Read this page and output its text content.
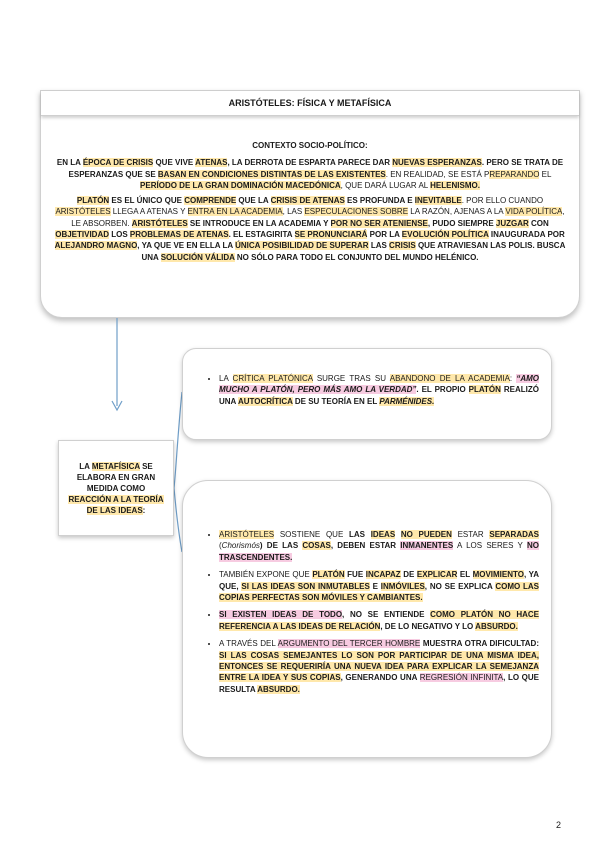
ARISTÓTELES: FÍSICA Y METAFÍSICA

CONTEXTO SOCIO-POLÍTICO:

EN LA ÉPOCA DE CRISIS QUE VIVE ATENAS, LA DERROTA DE ESPARTA PARECE DAR NUEVAS ESPERANZAS. PERO SE TRATA DE ESPERANZAS QUE SE BASAN EN CONDICIONES DISTINTAS DE LAS EXISTENTES. EN REALIDAD, SE ESTÁ PREPARANDO EL PERÍODO DE LA GRAN DOMINACIÓN MACEDÓNICA, QUE DARÁ LUGAR AL HELENISMO.

PLATÓN ES EL ÚNICO QUE COMPRENDE QUE LA CRISIS DE ATENAS ES PROFUNDA E INEVITABLE. POR ELLO CUANDO ARISTÓTELES LLEGA A ATENAS Y ENTRA EN LA ACADEMIA, LAS ESPECULACIONES SOBRE LA RAZÓN, AJENAS A LA VIDA POLÍTICA, LE ABSORBEN. ARISTÓTELES SE INTRODUCE EN LA ACADEMIA Y POR NO SER ATENIENSE, PUDO SIEMPRE JUZGAR CON OBJETIVIDAD LOS PROBLEMAS DE ATENAS. EL ESTAGIRITA SE PRONUNCIARÁ POR LA EVOLUCIÓN POLÍTICA INAUGURADA POR ALEJANDRO MAGNO, YA QUE VE EN ELLA LA ÚNICA POSIBILIDAD DE SUPERAR LAS CRISIS QUE ATRAVIESAN LAS POLIS. BUSCA UNA SOLUCIÓN VÁLIDA NO SÓLO PARA TODO EL CONJUNTO DEL MUNDO HELÉNICO.

LA METAFÍSICA SE ELABORA EN GRAN MEDIDA COMO REACCIÓN A LA TEORÍA DE LAS IDEAS:
• LA CRÍTICA PLATÓNICA SURGE TRAS SU ABANDONO DE LA ACADEMIA: “AMO MUCHO A PLATÓN, PERO MÁS AMO LA VERDAD”. EL PROPIO PLATÓN REALIZÓ UNA AUTOCRÍTICA DE SU TEORÍA EN EL PARMÉNIDES.
• ARISTÓTELES SOSTIENE QUE LAS IDEAS NO PUEDEN ESTAR SEPARADAS (Chorismós) DE LAS COSAS, DEBEN ESTAR INMANENTES A LOS SERES Y NO TRASCENDENTES.
• TAMBIÉN EXPONE QUE PLATÓN FUE INCAPAZ DE EXPLICAR EL MOVIMIENTO, YA QUE, SI LAS IDEAS SON INMUTABLES E INMÓVILES, NO SE EXPLICA COMO LAS COPIAS PERFECTAS SON MÓVILES Y CAMBIANTES.
• SI EXISTEN IDEAS DE TODO, NO SE ENTIENDE COMO PLATÓN NO HACE REFERENCIA A LAS IDEAS DE RELACIÓN, DE LO NEGATIVO Y LO ABSURDO.
• A TRAVÉS DEL ARGUMENTO DEL TERCER HOMBRE MUESTRA OTRA DIFICULTAD: SI LAS COSAS SEMEJANTES LO SON POR PARTICIPAR DE UNA MISMA IDEA, ENTONCES SE REQUERIRÍA UNA NUEVA IDEA PARA EXPLICAR LA SEMEJANZA ENTRE LA IDEA Y SUS COPIAS, GENERANDO UNA REGRESIÓN INFINITA, LO QUE RESULTA ABSURDO.
2
